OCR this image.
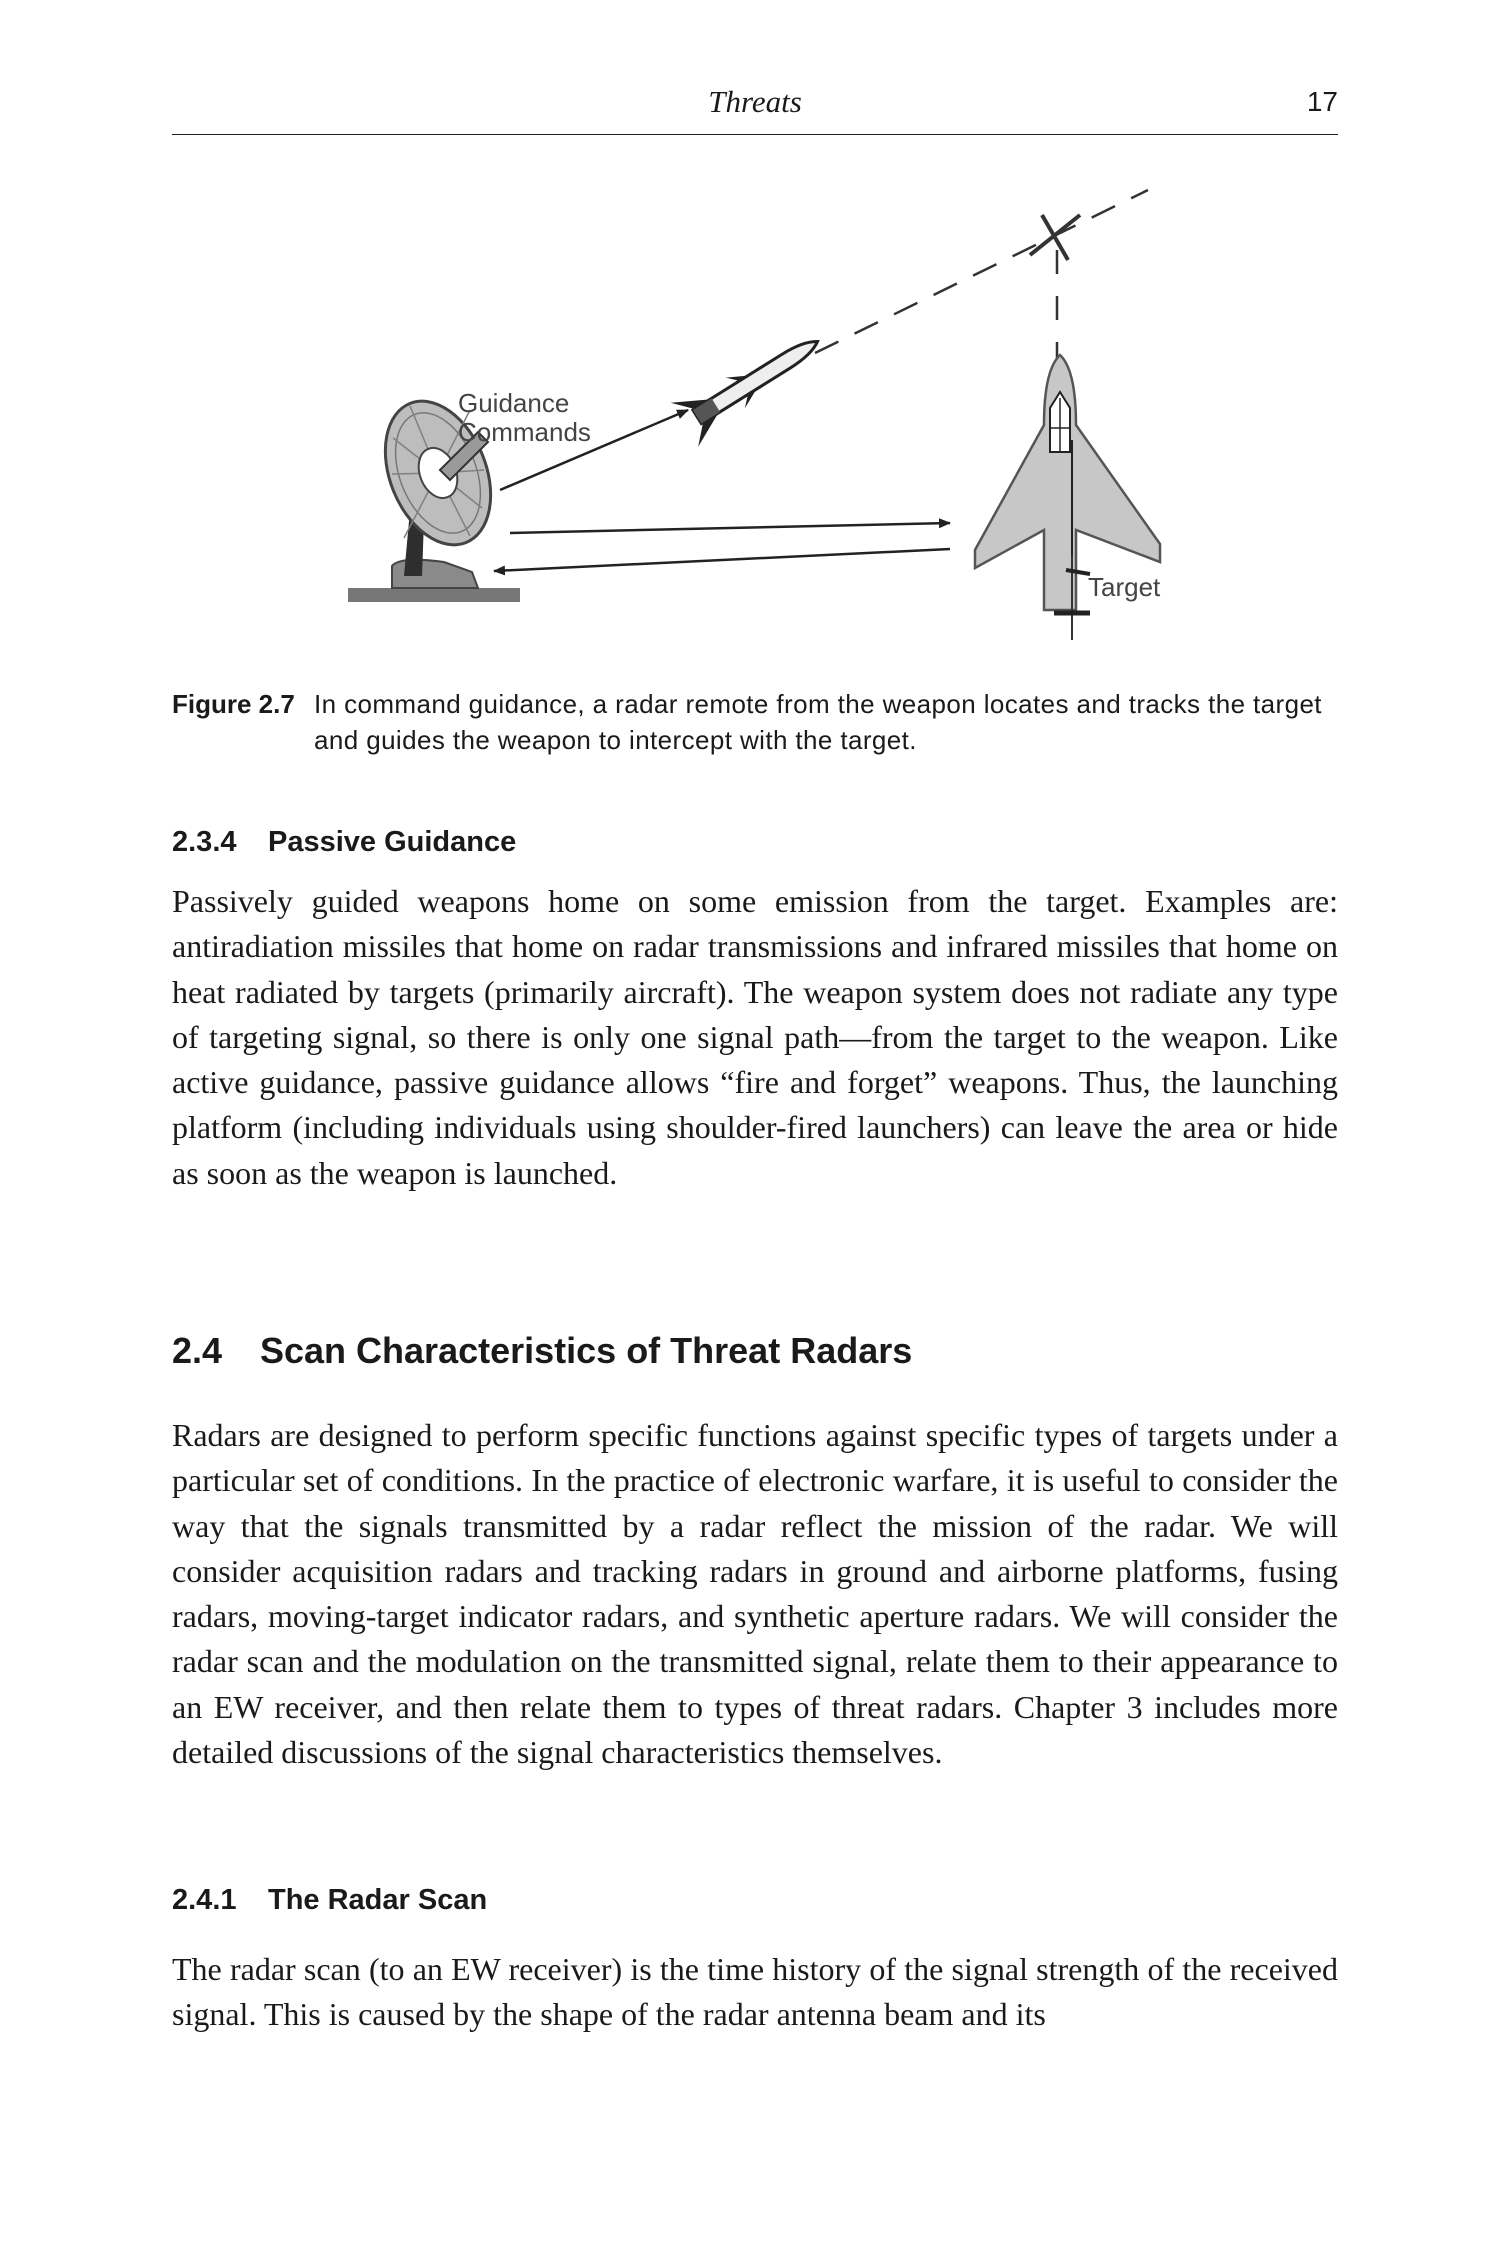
Threats	17
Guidance
Commands
Target
Figure 2.7 In command guidance, a radar remote from the weapon locates and tracks the target and guides the weapon to intercept with the target.
2.3.4 Passive Guidance
Passively guided weapons home on some emission from the target. Examples are: antiradiation missiles that home on radar transmissions and infrared missiles that home on heat radiated by targets (primarily aircraft). The weapon system does not radiate any type of targeting signal, so there is only one signal path—from the target to the weapon. Like active guidance, passive guidance allows “fire and forget” weapons. Thus, the launching platform (including individuals using shoulder-fired launchers) can leave the area or hide as soon as the weapon is launched.
2.4 Scan Characteristics of Threat Radars
Radars are designed to perform specific functions against specific types of targets under a particular set of conditions. In the practice of electronic warfare, it is useful to consider the way that the signals transmitted by a radar reflect the mission of the radar. We will consider acquisition radars and tracking radars in ground and airborne platforms, fusing radars, moving-target indicator radars, and synthetic aperture radars. We will consider the radar scan and the modulation on the transmitted signal, relate them to their appearance to an EW receiver, and then relate them to types of threat radars. Chapter 3 includes more detailed discussions of the signal characteristics themselves.
2.4.1 The Radar Scan
The radar scan (to an EW receiver) is the time history of the signal strength of the received signal. This is caused by the shape of the radar antenna beam and its
